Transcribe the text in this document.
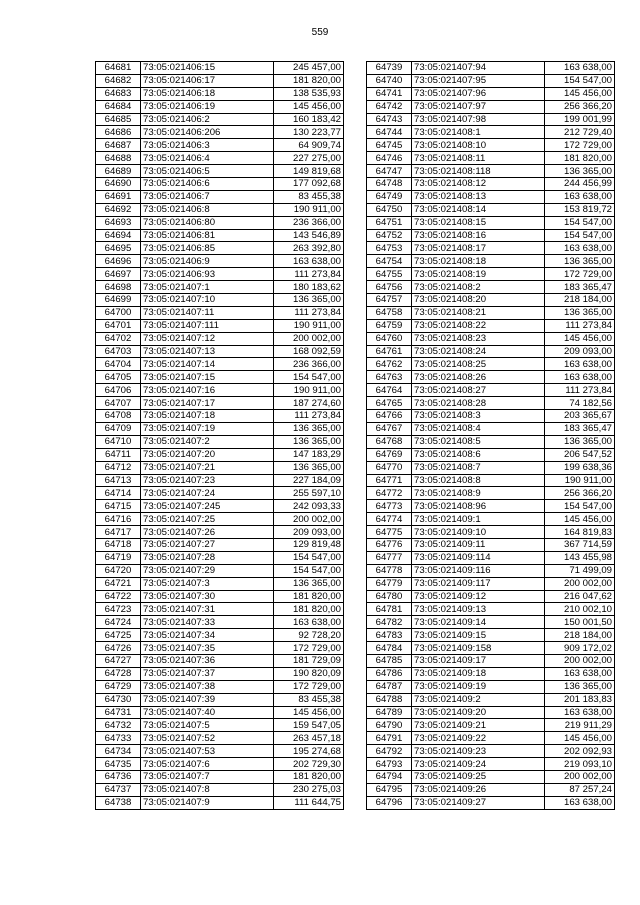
559
64681	73:05:021406:15	245 457,00
64682	73:05:021406:17	181 820,00
64683	73:05:021406:18	138 535,93
64684	73:05:021406:19	145 456,00
64685	73:05:021406:2	160 183,42
64686	73:05:021406:206	130 223,77
64687	73:05:021406:3	64 909,74
64688	73:05:021406:4	227 275,00
64689	73:05:021406:5	149 819,68
64690	73:05:021406:6	177 092,68
64691	73:05:021406:7	83 455,38
64692	73:05:021406:8	190 911,00
64693	73:05:021406:80	236 366,00
64694	73:05:021406:81	143 546,89
64695	73:05:021406:85	263 392,80
64696	73:05:021406:9	163 638,00
64697	73:05:021406:93	111 273,84
64698	73:05:021407:1	180 183,62
64699	73:05:021407:10	136 365,00
64700	73:05:021407:11	111 273,84
64701	73:05:021407:111	190 911,00
64702	73:05:021407:12	200 002,00
64703	73:05:021407:13	168 092,59
64704	73:05:021407:14	236 366,00
64705	73:05:021407:15	154 547,00
64706	73:05:021407:16	190 911,00
64707	73:05:021407:17	187 274,60
64708	73:05:021407:18	111 273,84
64709	73:05:021407:19	136 365,00
64710	73:05:021407:2	136 365,00
64711	73:05:021407:20	147 183,29
64712	73:05:021407:21	136 365,00
64713	73:05:021407:23	227 184,09
64714	73:05:021407:24	255 597,10
64715	73:05:021407:245	242 093,33
64716	73:05:021407:25	200 002,00
64717	73:05:021407:26	209 093,00
64718	73:05:021407:27	129 819,48
64719	73:05:021407:28	154 547,00
64720	73:05:021407:29	154 547,00
64721	73:05:021407:3	136 365,00
64722	73:05:021407:30	181 820,00
64723	73:05:021407:31	181 820,00
64724	73:05:021407:33	163 638,00
64725	73:05:021407:34	92 728,20
64726	73:05:021407:35	172 729,00
64727	73:05:021407:36	181 729,09
64728	73:05:021407:37	190 820,09
64729	73:05:021407:38	172 729,00
64730	73:05:021407:39	83 455,38
64731	73:05:021407:40	145 456,00
64732	73:05:021407:5	159 547,05
64733	73:05:021407:52	263 457,18
64734	73:05:021407:53	195 274,68
64735	73:05:021407:6	202 729,30
64736	73:05:021407:7	181 820,00
64737	73:05:021407:8	230 275,03
64738	73:05:021407:9	111 644,75
64739	73:05:021407:94	163 638,00
64740	73:05:021407:95	154 547,00
64741	73:05:021407:96	145 456,00
64742	73:05:021407:97	256 366,20
64743	73:05:021407:98	199 001,99
64744	73:05:021408:1	212 729,40
64745	73:05:021408:10	172 729,00
64746	73:05:021408:11	181 820,00
64747	73:05:021408:118	136 365,00
64748	73:05:021408:12	244 456,99
64749	73:05:021408:13	163 638,00
64750	73:05:021408:14	153 819,72
64751	73:05:021408:15	154 547,00
64752	73:05:021408:16	154 547,00
64753	73:05:021408:17	163 638,00
64754	73:05:021408:18	136 365,00
64755	73:05:021408:19	172 729,00
64756	73:05:021408:2	183 365,47
64757	73:05:021408:20	218 184,00
64758	73:05:021408:21	136 365,00
64759	73:05:021408:22	111 273,84
64760	73:05:021408:23	145 456,00
64761	73:05:021408:24	209 093,00
64762	73:05:021408:25	163 638,00
64763	73:05:021408:26	163 638,00
64764	73:05:021408:27	111 273,84
64765	73:05:021408:28	74 182,56
64766	73:05:021408:3	203 365,67
64767	73:05:021408:4	183 365,47
64768	73:05:021408:5	136 365,00
64769	73:05:021408:6	206 547,52
64770	73:05:021408:7	199 638,36
64771	73:05:021408:8	190 911,00
64772	73:05:021408:9	256 366,20
64773	73:05:021408:96	154 547,00
64774	73:05:021409:1	145 456,00
64775	73:05:021409:10	164 819,83
64776	73:05:021409:11	367 714,59
64777	73:05:021409:114	143 455,98
64778	73:05:021409:116	71 499,09
64779	73:05:021409:117	200 002,00
64780	73:05:021409:12	216 047,62
64781	73:05:021409:13	210 002,10
64782	73:05:021409:14	150 001,50
64783	73:05:021409:15	218 184,00
64784	73:05:021409:158	909 172,02
64785	73:05:021409:17	200 002,00
64786	73:05:021409:18	163 638,00
64787	73:05:021409:19	136 365,00
64788	73:05:021409:2	201 183,83
64789	73:05:021409:20	163 638,00
64790	73:05:021409:21	219 911,29
64791	73:05:021409:22	145 456,00
64792	73:05:021409:23	202 092,93
64793	73:05:021409:24	219 093,10
64794	73:05:021409:25	200 002,00
64795	73:05:021409:26	87 257,24
64796	73:05:021409:27	163 638,00
